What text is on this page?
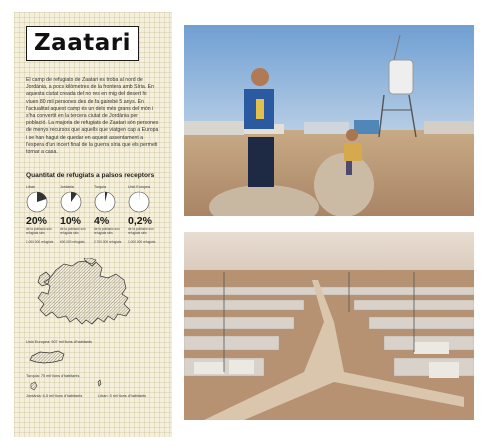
Zaatari

El camp de refugiats de Zaatari es troba al nord de Jordània, a pocs kilòmetres de la frontera amb Síria. En aquesta ciutat creada del no res en mig del desert hi viuen 80 mil persones des de fa gairebé 5 anys. En l'actualitat aquest camp és un dels més grans del món i s'ha convertit en la tercera ciutat de Jordània per població. La majoria de refugiats de Zaatari són persones de menys recursos que aquells que viatgen cap a Europa i se han hagut de quedar en aquest assentament a l'espera d'un incert final de la guerra síria que els permeti tornar a casa.

Quantitat de refugiats a països receptors
Líban
20%
de la població són refugiats siris
1.000.000 refugiats
Jordània
10%
de la població són refugiats siris
600.000 refugiats
Turquia
4%
de la població són refugiats siris
2.700.000 refugiats
Unió Europea
0,2%
de la població són refugiats siris
1.000.000 refugiats
Unió Europea: 507 mil·lions d'habitants
Turquia: 75 mil·lions d'habitants
Jordània: 6,5 mil·lions d'habitants	Líban: 5 mil·lions d'habitants
